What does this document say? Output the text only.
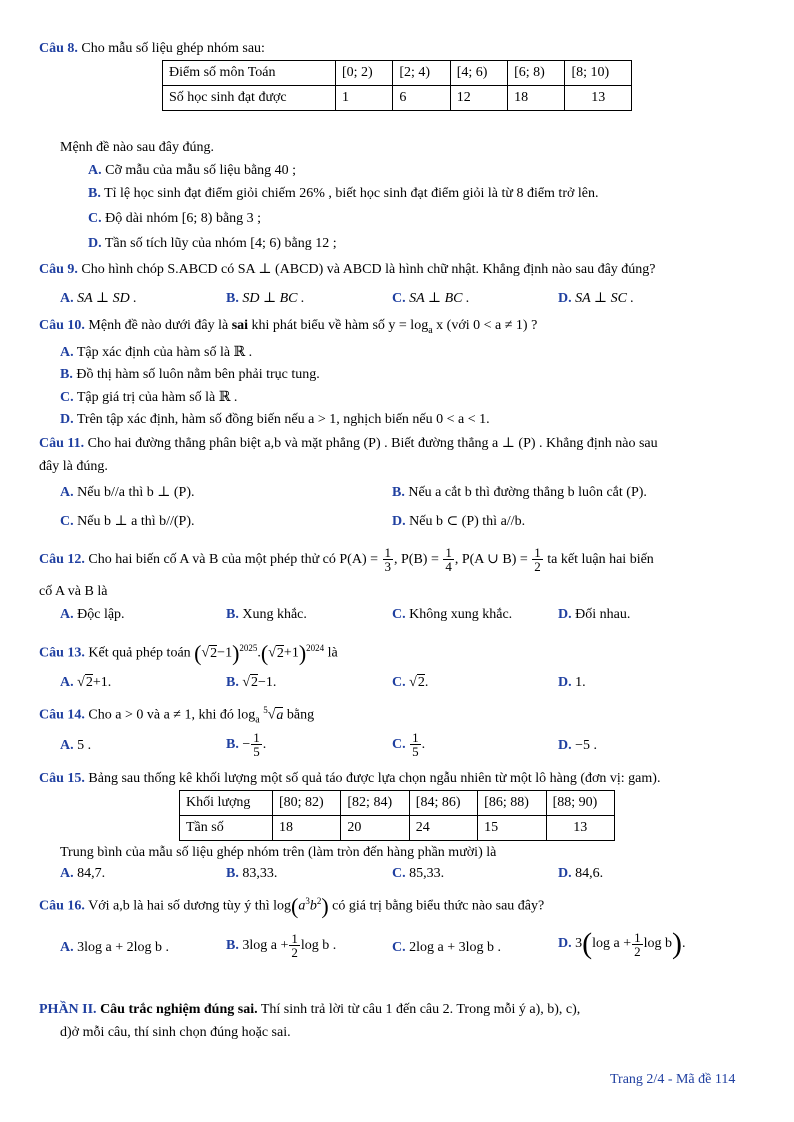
Câu 8. Cho mẫu số liệu ghép nhóm sau:
Điểm số môn Toán	[0; 2)	[2; 4)	[4; 6)	[6; 8)	[8; 10)
Số học sinh đạt được	1	6	12	18	13
Mệnh đề nào sau đây đúng.
A. Cỡ mẫu của mẫu số liệu bằng 40 ;
B. Tỉ lệ học sinh đạt điểm giỏi chiếm 26% , biết học sinh đạt điểm giỏi là từ 8 điểm trở lên.
C. Độ dài nhóm [6; 8) bằng 3 ;
D. Tần số tích lũy của nhóm [4; 6) bằng 12 ;
Câu 9. Cho hình chóp S.ABCD có SA ⊥ (ABCD) và ABCD là hình chữ nhật. Khẳng định nào sau đây đúng?
A. SA ⊥ SD .	B. SD ⊥ BC .	C. SA ⊥ BC .	D. SA ⊥ SC .
Câu 10. Mệnh đề nào dưới đây là sai khi phát biểu về hàm số $y = \log_a x$ (với 0 < a ≠ 1) ?
A. Tập xác định của hàm số là ℝ .
B. Đồ thị hàm số luôn nằm bên phải trục tung.
C. Tập giá trị của hàm số là ℝ .
D. Trên tập xác định, hàm số đồng biến nếu a > 1, nghịch biến nếu 0 < a < 1.
Câu 11. Cho hai đường thẳng phân biệt a,b và mặt phẳng (P) . Biết đường thẳng a ⊥ (P) . Khẳng định nào sau
đây là đúng.
A. Nếu b//a thì b ⊥ (P).	B. Nếu a cắt b thì đường thẳng b luôn cắt (P).
C. Nếu b ⊥ a thì b//(P).	D. Nếu b ⊂ (P) thì a//b.
Câu 12. Cho hai biến cố A và B của một phép thử có $P(A) = \frac{1}{3}$ , $P(B) = \frac{1}{4}$ , P(A ∪ $B) = \frac{1}{2}$ ta kết luận hai biến
cố A và B là
A. Độc lập.	B. Xung khắc.	C. Không xung khắc.	D. Đối nhau.
Câu 13. Kết quả phép toán $(√2-1)^{2025}.(√2+1)^{2024}$ là
A. √2+1.	B. √2−1.	C. √2.	D. 1.
Câu 14. Cho a > 0 và a ≠ 1, khi đó $\log_a ^5√a$ bằng
A. 5 .	B. − $\frac{1}{5}$ .	C. $\frac{1}{5}$ .	D. −5 .
Câu 15. Bảng sau thống kê khối lượng một số quả táo được lựa chọn ngẫu nhiên từ một lô hàng (đơn vị: gam).
Khối lượng	[80; 82)	[82; 84)	[84; 86)	[86; 88)	[88; 90)
Tần số	18	20	24	15	13
Trung bình của mẫu số liệu ghép nhóm trên (làm tròn đến hàng phần mười) là
A. 84,7.	B. 83,33.	C. 85,33.	D. 84,6.
Câu 16. Với a,b là hai số dương tùy ý thì $\log(a^3b^2)$ có giá trị bằng biểu thức nào sau đây?
A. 3log a + 2log b .	B. 3log $a + \frac{1}{2}$ log b .	C. 2log a + 3log b .	D. 3(log $a + \frac{1}{2}$ log b).
PHẦN II. Câu trắc nghiệm đúng sai. Thí sinh trả lời từ câu 1 đến câu 2. Trong mỗi ý a), b), c),
d)ở mỗi câu, thí sinh chọn đúng hoặc sai.
Trang 2/4 - Mã đề 114
